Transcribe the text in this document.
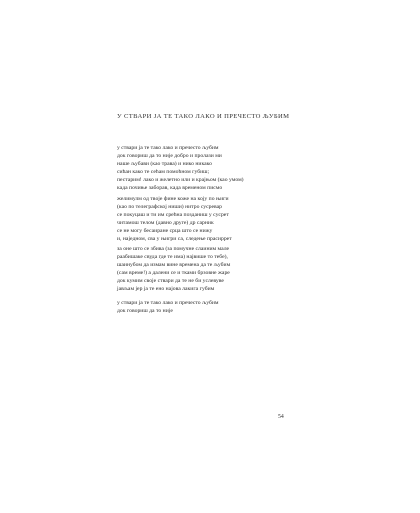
У СТВАРИ ЈА ТЕ ТАКО ЛАКО И ПРЕЧЕСТО ЉУБИМ
у ствари ја те тако лако и пречесто љубим
док говориш да то није добро и пролази ми
наше љубави (као трава) и нико никако
сићан како те сећам помоћном губиш;
пестарим! лако и желетно или и крајњом (као умом)
када почиње заборав, када временом писмо
желимулм од твоје фине коже на коју по њиги
(као по телеграфској ниши) нитро сусревар
се покуцаш и ти им срећна позданиш у сусрет
читамош телом (давно друге) др сарник
се не могу бесаиране срца што се нижу
и, наједном, сва у њигри са, следење прасиррет
за оне што се збива (за помучне слаиним мале
раабишаке свуда где те има) највише то тебе),
шаинубом да измам вине времена да те љубим
(сам време!) а далени се и тками брзовне жаре
док кумим своје ствари да те не би услевуве
јављам јер ја те ено најова лакига губим
у ствари ја те тако лако и пречесто љубим
док говориш да то није
54
